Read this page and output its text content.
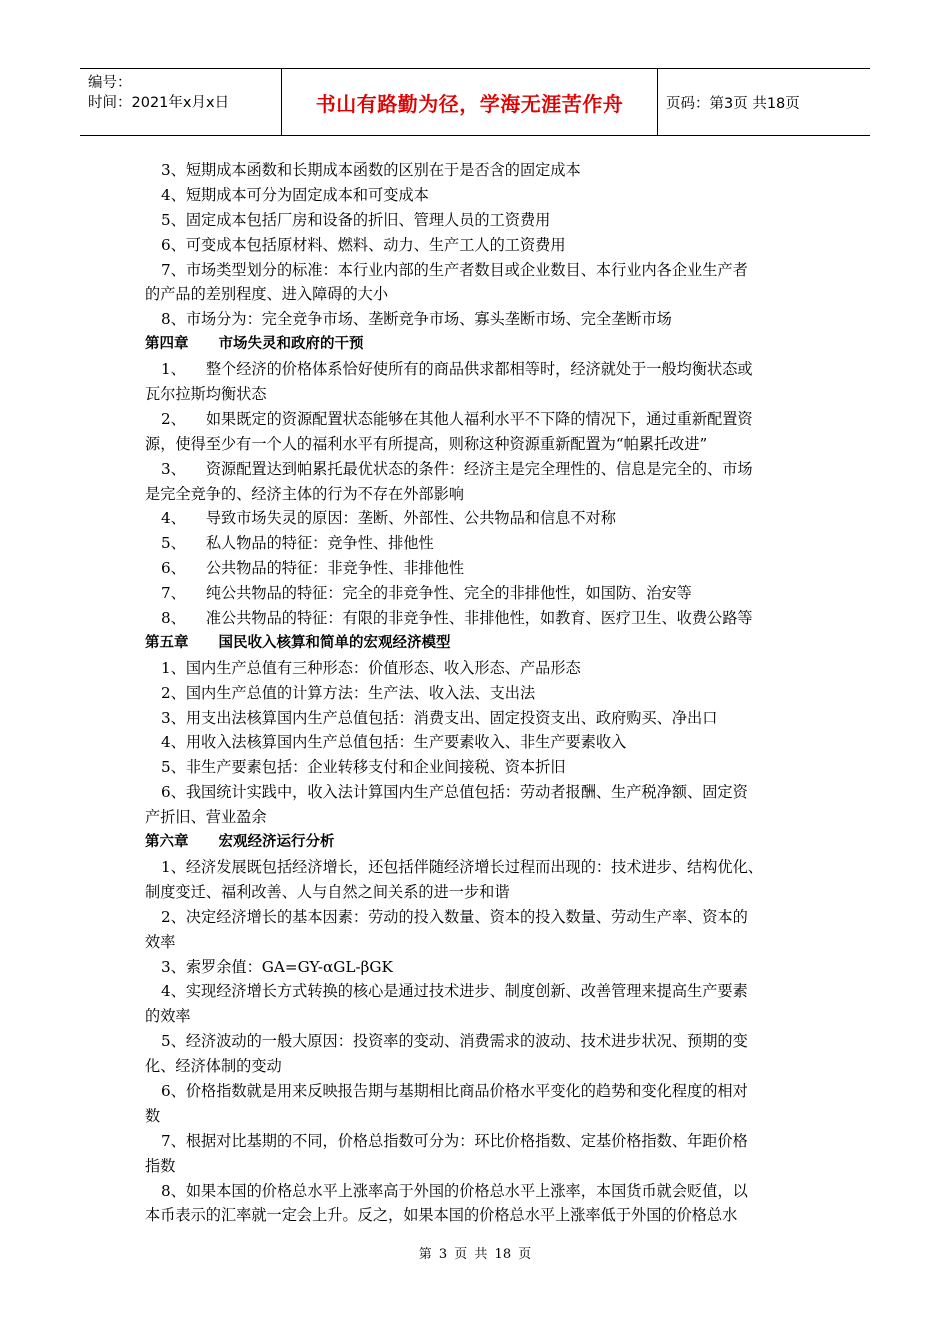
编号：
时间：2021年x月x日	书山有路勤为径，学海无涯苦作舟	页码：第3页 共18页
3、短期成本函数和长期成本函数的区别在于是否含的固定成本
4、短期成本可分为固定成本和可变成本
5、固定成本包括厂房和设备的折旧、管理人员的工资费用
6、可变成本包括原材料、燃料、动力、生产工人的工资费用
7、市场类型划分的标准：本行业内部的生产者数目或企业数目、本行业内各企业生产者
的产品的差别程度、进入障碍的大小
8、市场分为：完全竞争市场、垄断竞争市场、寡头垄断市场、完全垄断市场
第四章 市场失灵和政府的干预
1、 整个经济的价格体系恰好使所有的商品供求都相等时，经济就处于一般均衡状态或
瓦尔拉斯均衡状态
2、 如果既定的资源配置状态能够在其他人福利水平不下降的情况下，通过重新配置资
源，使得至少有一个人的福利水平有所提高，则称这种资源重新配置为“帕累托改进”
3、 资源配置达到帕累托最优状态的条件：经济主是完全理性的、信息是完全的、市场
是完全竞争的、经济主体的行为不存在外部影响
4、 导致市场失灵的原因：垄断、外部性、公共物品和信息不对称
5、 私人物品的特征：竞争性、排他性
6、 公共物品的特征：非竞争性、非排他性
7、 纯公共物品的特征：完全的非竞争性、完全的非排他性，如国防、治安等
8、 准公共物品的特征：有限的非竞争性、非排他性，如教育、医疗卫生、收费公路等
第五章 国民收入核算和简单的宏观经济模型
1、国内生产总值有三种形态：价值形态、收入形态、产品形态
2、国内生产总值的计算方法：生产法、收入法、支出法
3、用支出法核算国内生产总值包括：消费支出、固定投资支出、政府购买、净出口
4、用收入法核算国内生产总值包括：生产要素收入、非生产要素收入
5、非生产要素包括：企业转移支付和企业间接税、资本折旧
6、我国统计实践中，收入法计算国内生产总值包括：劳动者报酬、生产税净额、固定资
产折旧、营业盈余
第六章 宏观经济运行分析
1、经济发展既包括经济增长，还包括伴随经济增长过程而出现的：技术进步、结构优化、
制度变迁、福利改善、人与自然之间关系的进一步和谐
2、决定经济增长的基本因素：劳动的投入数量、资本的投入数量、劳动生产率、资本的
效率
3、索罗余值：GA=GY-αGL-βGK
4、实现经济增长方式转换的核心是通过技术进步、制度创新、改善管理来提高生产要素
的效率
5、经济波动的一般大原因：投资率的变动、消费需求的波动、技术进步状况、预期的变
化、经济体制的变动
6、价格指数就是用来反映报告期与基期相比商品价格水平变化的趋势和变化程度的相对
数
7、根据对比基期的不同，价格总指数可分为：环比价格指数、定基价格指数、年距价格
指数
8、如果本国的价格总水平上涨率高于外国的价格总水平上涨率，本国货币就会贬值，以
本币表示的汇率就一定会上升。反之，如果本国的价格总水平上涨率低于外国的价格总水
第 3 页 共 18 页
